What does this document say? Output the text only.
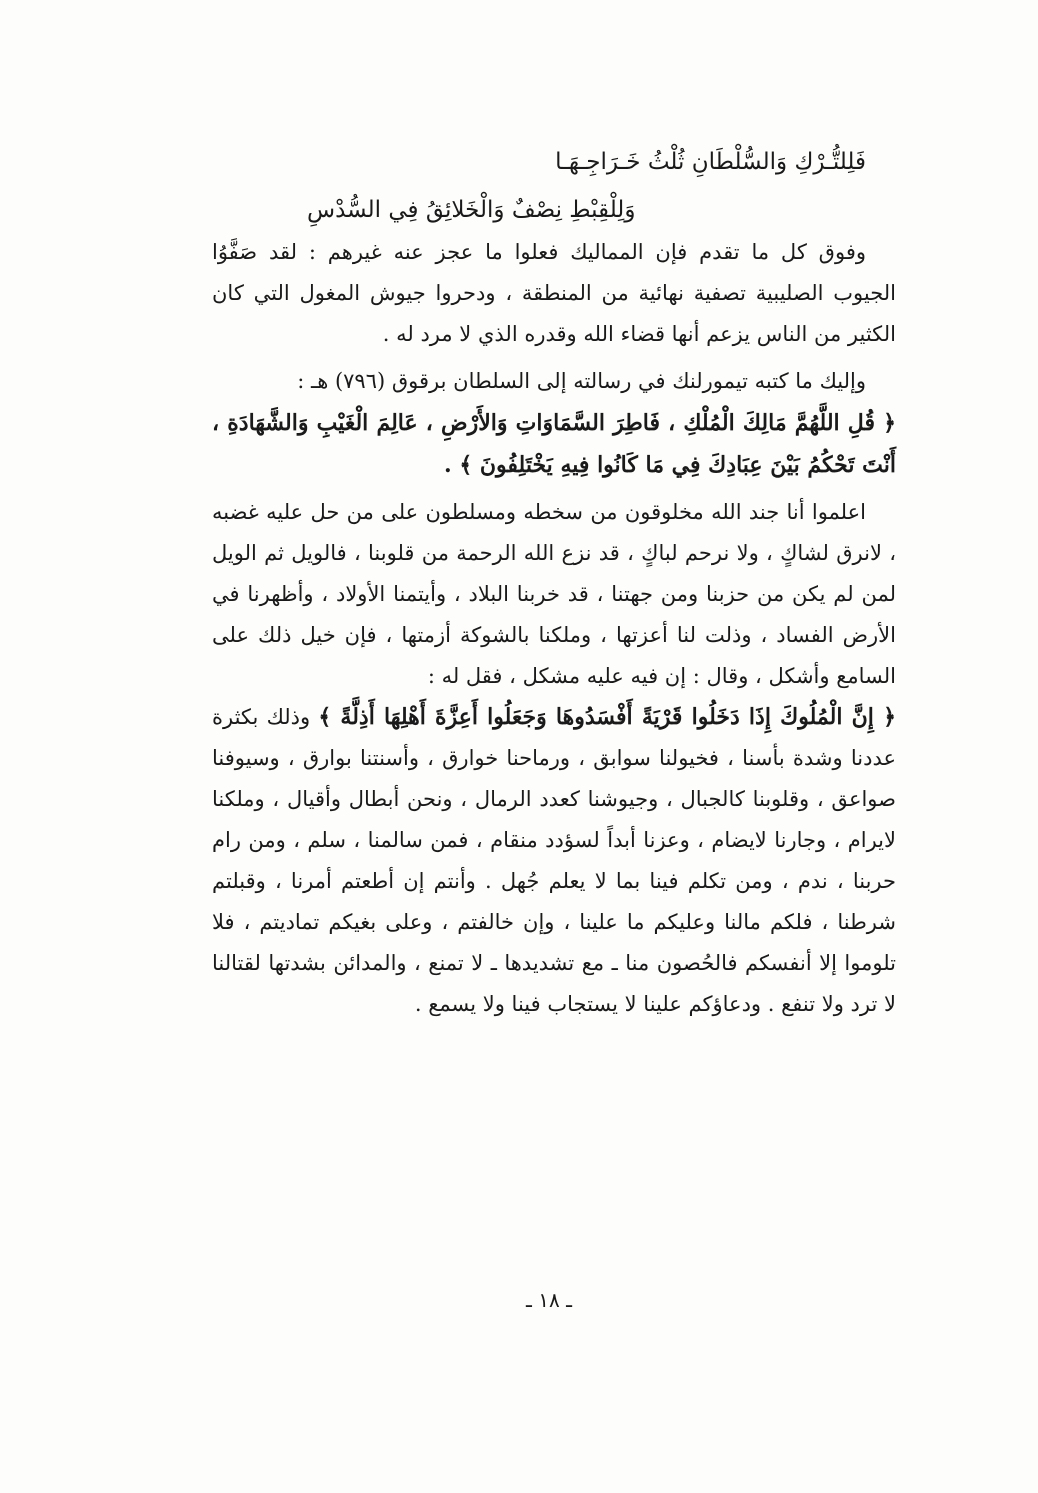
فَلِلتُّـرْكِ وَالسُّلْطَانِ ثُلْثُ خَـرَاجِـهَـا

وَلِلْقِبْطِ نِصْفٌ وَالْخَلائِقُ فِي السُّدْسِ

وفوق كل ما تقدم فإن المماليك فعلوا ما عجز عنه غيرهم : لقد صَفَّوُا الجيوب الصليبية تصفية نهائية من المنطقة ، ودحروا جيوش المغول التي كان الكثير من الناس يزعم أنها قضاء الله وقدره الذي لا مرد له .

وإليك ما كتبه تيمورلنك في رسالته إلى السلطان برقوق (٧٩٦) هـ :

﴿ قُلِ اللَّهُمَّ مَالِكَ الْمُلْكِ ، فَاطِرَ السَّمَاوَاتِ وَالأَرْضِ ، عَالِمَ الْغَيْبِ وَالشَّهَادَةِ ، أَنْتَ تَحْكُمُ بَيْنَ عِبَادِكَ فِي مَا كَانُوا فِيهِ يَخْتَلِفُونَ ﴾ .

اعلموا أنا جند الله مخلوقون من سخطه ومسلطون على من حل عليه غضبه ، لانرق لشاكٍ ، ولا نرحم لباكٍ ، قد نزع الله الرحمة من قلوبنا ، فالويل ثم الويل لمن لم يكن من حزبنا ومن جهتنا ، قد خربنا البلاد ، وأيتمنا الأولاد ، وأظهرنا في الأرض الفساد ، وذلت لنا أعزتها ، وملكنا بالشوكة أزمتها ، فإن خيل ذلك على السامع وأشكل ، وقال : إن فيه عليه مشكل ، فقل له :

﴿ إِنَّ الْمُلُوكَ إِذَا دَخَلُوا قَرْيَةً أَفْسَدُوهَا وَجَعَلُوا أَعِزَّةَ أَهْلِهَا أَذِلَّةً ﴾ وذلك بكثرة عددنا وشدة بأسنا ، فخيولنا سوابق ، ورماحنا خوارق ، وأسنتنا بوارق ، وسيوفنا صواعق ، وقلوبنا كالجبال ، وجيوشنا كعدد الرمال ، ونحن أبطال وأقيال ، وملكنا لايرام ، وجارنا لايضام ، وعزنا أبداً لسؤدد منقام ، فمن سالمنا ، سلم ، ومن رام حربنا ، ندم ، ومن تكلم فينا بما لا يعلم جُهل . وأنتم إن أطعتم أمرنا ، وقبلتم شرطنا ، فلكم مالنا وعليكم ما علينا ، وإن خالفتم ، وعلى بغيكم تماديتم ، فلا تلوموا إلا أنفسكم فالحُصون منا ـ مع تشديدها ـ لا تمنع ، والمدائن بشدتها لقتالنا لا ترد ولا تنفع . ودعاؤكم علينا لا يستجاب فينا ولا يسمع .

ـ ١٨ ـ
